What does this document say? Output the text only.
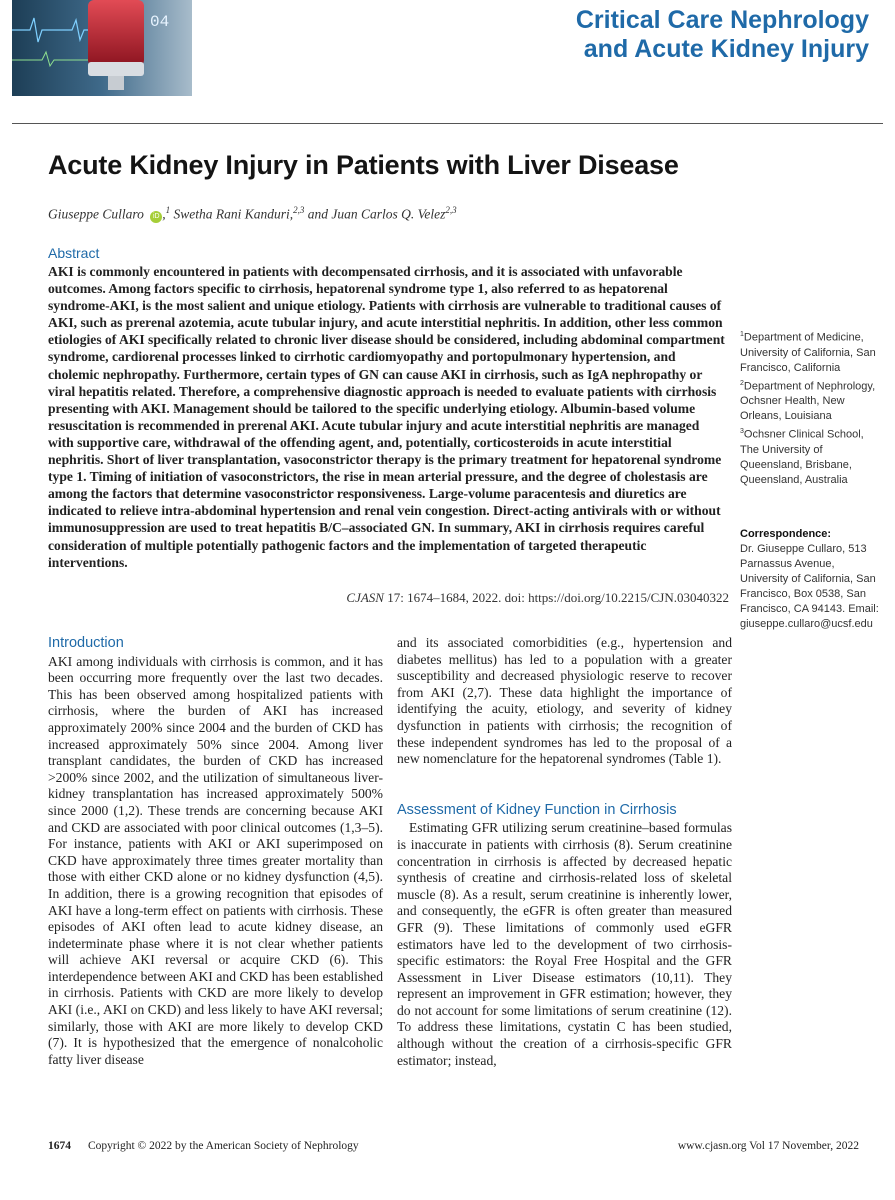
04	Critical Care Nephrology
and Acute Kidney Injury
Acute Kidney Injury in Patients with Liver Disease
Giuseppe Cullaro iD ,$^1$ Swetha Rani Kanduri,$^{2,3}$ and Juan Carlos Q. Velez$^{2,3}$
Abstract
AKI is commonly encountered in patients with decompensated cirrhosis, and it is associated with unfavorable outcomes. Among factors specific to cirrhosis, hepatorenal syndrome type 1, also referred to as hepatorenal syndrome-AKI, is the most salient and unique etiology. Patients with cirrhosis are vulnerable to traditional causes of AKI, such as prerenal azotemia, acute tubular injury, and acute interstitial nephritis. In addition, other less common etiologies of AKI specifically related to chronic liver disease should be considered, including abdominal compartment syndrome, cardiorenal processes linked to cirrhotic cardiomyopathy and portopulmonary hypertension, and cholemic nephropathy. Furthermore, certain types of GN can cause AKI in cirrhosis, such as IgA nephropathy or viral hepatitis related. Therefore, a comprehensive diagnostic approach is needed to evaluate patients with cirrhosis presenting with AKI. Management should be tailored to the specific underlying etiology. Albumin-based volume resuscitation is recommended in prerenal AKI. Acute tubular injury and acute interstitial nephritis are managed with supportive care, withdrawal of the offending agent, and, potentially, corticosteroids in acute interstitial nephritis. Short of liver transplantation, vasoconstrictor therapy is the primary treatment for hepatorenal syndrome type 1. Timing of initiation of vasoconstrictors, the rise in mean arterial pressure, and the degree of cholestasis are among the factors that determine vasoconstrictor responsiveness. Large-volume paracentesis and diuretics are indicated to relieve intra-abdominal hypertension and renal vein congestion. Direct-acting antivirals with or without immunosuppression are used to treat hepatitis B/C–associated GN. In summary, AKI in cirrhosis requires careful consideration of multiple potentially pathogenic factors and the implementation of targeted therapeutic interventions.
CJASN 17: 1674–1684, 2022. doi: https://doi.org/10.2215/CJN.03040322

$^1$Department of Medicine, University of California, San Francisco, California

$^2$Department of Nephrology, Ochsner Health, New Orleans, Louisiana

$^3$Ochsner Clinical School, The University of Queensland, Brisbane, Queensland, Australia

Correspondence:
Dr. Giuseppe Cullaro, 513 Parnassus Avenue, University of California, San Francisco, Box 0538, San Francisco, CA 94143. Email: giuseppe.cullaro@ucsf.edu
Introduction

AKI among individuals with cirrhosis is common, and it has been occurring more frequently over the last two decades. This has been observed among hospitalized patients with cirrhosis, where the burden of AKI has increased approximately 200% since 2004 and the burden of CKD has increased approximately 50% since 2004. Among liver transplant candidates, the burden of CKD has increased >200% since 2002, and the utilization of simultaneous liver-kidney transplantation has increased approximately 500% since 2000 (1,2). These trends are concerning because AKI and CKD are associated with poor clinical outcomes (1,3–5). For instance, patients with AKI or AKI superimposed on CKD have approximately three times greater mortality than those with either CKD alone or no kidney dysfunction (4,5). In addition, there is a growing recognition that episodes of AKI have a long-term effect on patients with cirrhosis. These episodes of AKI often lead to acute kidney disease, an indeterminate phase where it is not clear whether patients will achieve AKI reversal or acquire CKD (6). This interdependence between AKI and CKD has been established in cirrhosis. Patients with CKD are more likely to develop AKI (i.e., AKI on CKD) and less likely to have AKI reversal; similarly, those with AKI are more likely to develop CKD (7). It is hypothesized that the emergence of nonalcoholic fatty liver disease

and its associated comorbidities (e.g., hypertension and diabetes mellitus) has led to a population with a greater susceptibility and decreased physiologic reserve to recover from AKI (2,7). These data highlight the importance of identifying the acuity, etiology, and severity of kidney dysfunction in patients with cirrhosis; the recognition of these independent syndromes has led to the proposal of a new nomenclature for the hepatorenal syndromes (Table 1).

Assessment of Kidney Function in Cirrhosis

Estimating GFR utilizing serum creatinine–based formulas is inaccurate in patients with cirrhosis (8). Serum creatinine concentration in cirrhosis is affected by decreased hepatic synthesis of creatine and cirrhosis-related loss of skeletal muscle (8). As a result, serum creatinine is inherently lower, and consequently, the eGFR is often greater than measured GFR (9). These limitations of commonly used eGFR estimators have led to the development of two cirrhosis-specific estimators: the Royal Free Hospital and the GFR Assessment in Liver Disease estimators (10,11). They represent an improvement in GFR estimation; however, they do not account for some limitations of serum creatinine (12). To address these limitations, cystatin C has been studied, although without the creation of a cirrhosis-specific GFR estimator; instead,

1674 Copyright © 2022 by the American Society of Nephrology	www.cjasn.org Vol 17 November, 2022
